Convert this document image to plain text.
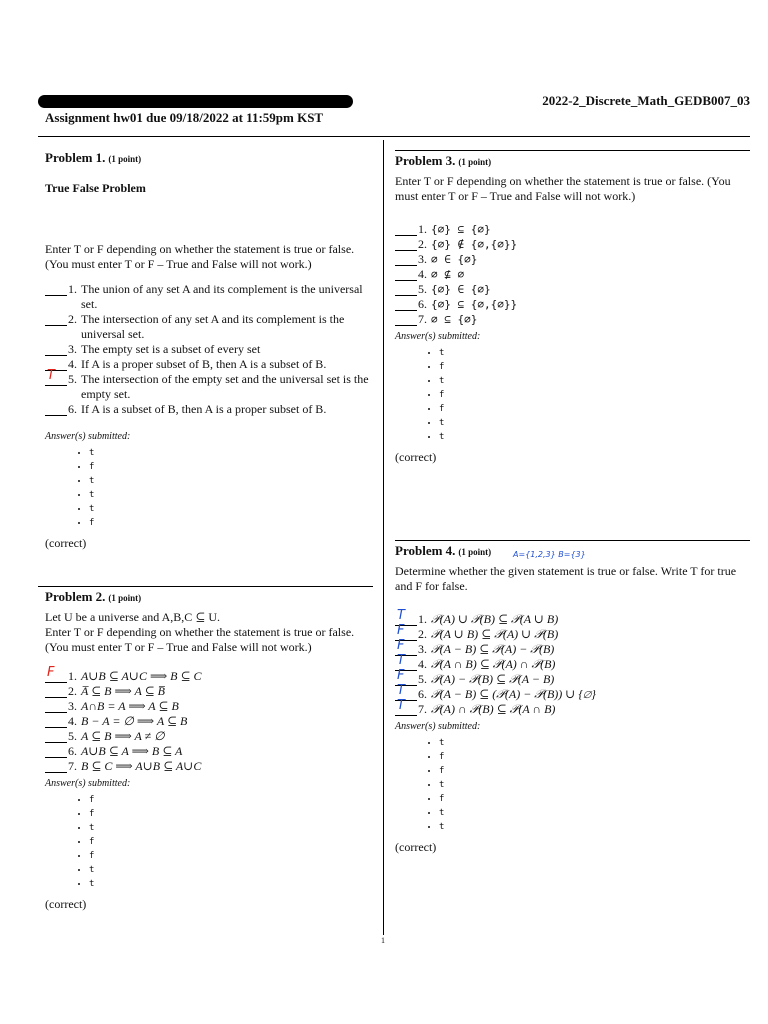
2022-2_Discrete_Math_GEDB007_03
Assignment hw01 due 09/18/2022 at 11:59pm KST
1
Problem 1. (1 point)
True False Problem

Enter T or F depending on whether the statement is true or false. (You must enter T or F – True and False will not work.)

1. The union of any set A and its complement is the universal set.
2. The intersection of any set A and its complement is the universal set.
3. The empty set is a subset of every set
4. If A is a proper subset of B, then A is a subset of B.
T 5. The intersection of the empty set and the universal set is the empty set.
6. If A is a subset of B, then A is a proper subset of B.
Answer(s) submitted:
• t
• f
• t
• t
• t
• f
(correct)
Problem 2. (1 point)

Let U be a universe and A,B,C ⊆ U.

Enter T or F depending on whether the statement is true or false. (You must enter T or F – True and False will not work.)

F 1. A∪B ⊆ A∪C ⟹ B ⊆ C
2. A̅ ⊆ B ⟹ A ⊆ B̅
3. A∩B = A ⟹ A ⊆ B
4. B − A = ∅ ⟹ A ⊆ B
5. A ⊆ B ⟹ A ≠ ∅
6. A∪B ⊆ A ⟹ B ⊆ A
7. B ⊆ C ⟹ A∪B ⊆ A∪C
Answer(s) submitted:
• f
• f
• t
• f
• f
• t
• t
(correct)
Problem 3. (1 point)

Enter T or F depending on whether the statement is true or false. (You must enter T or F – True and False will not work.)

1. {∅} ⊆ {∅}
2. {∅} ∉ {∅,{∅}}
3. ∅ ∈ {∅}
4. ∅ ⊈ ∅
5. {∅} ∈ {∅}
6. {∅} ⊆ {∅,{∅}}
7. ∅ ⊆ {∅}
Answer(s) submitted:
• t
• f
• t
• f
• f
• t
• t
(correct)
Problem 4. (1 point)	A={1,2,3} B={3}

Determine whether the given statement is true or false. Write T for true and F for false.

T 1. 𝒫(A) ∪ 𝒫(B) ⊆ 𝒫(A ∪ B)
F 2. 𝒫(A ∪ B) ⊆ 𝒫(A) ∪ 𝒫(B)
F 3. 𝒫(A − B) ⊆ 𝒫(A) − 𝒫(B)
T 4. 𝒫(A ∩ B) ⊆ 𝒫(A) ∩ 𝒫(B)
F 5. 𝒫(A) − 𝒫(B) ⊆ 𝒫(A − B)
T 6. 𝒫(A − B) ⊆ (𝒫(A) − 𝒫(B)) ∪ {∅}
T 7. 𝒫(A) ∩ 𝒫(B) ⊆ 𝒫(A ∩ B)
Answer(s) submitted:
• t
• f
• f
• t
• f
• t
• t
(correct)
